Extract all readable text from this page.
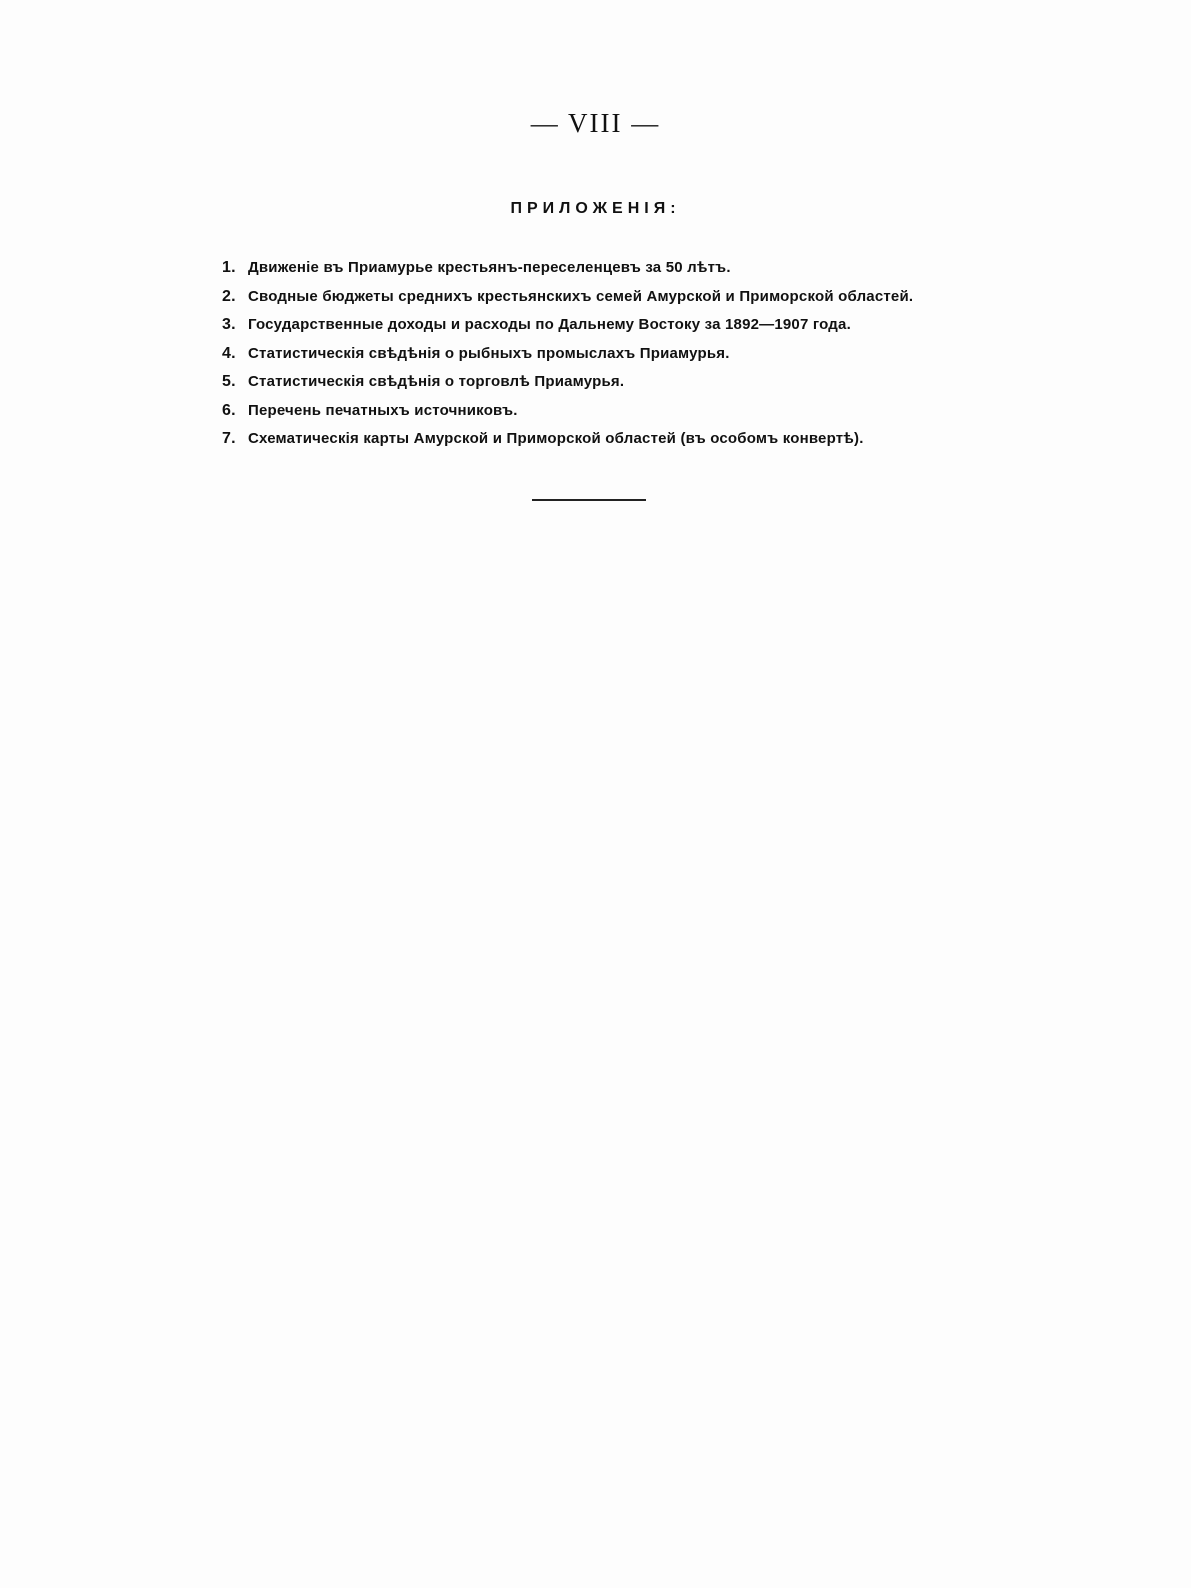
— VIII —
ПРИЛОЖЕНІЯ:
1. Движеніе въ Приамурье крестьянъ-переселенцевъ за 50 лѣтъ.
2. Сводные бюджеты среднихъ крестьянскихъ семей Амурской и Приморской областей.
3. Государственные доходы и расходы по Дальнему Востоку за 1892—1907 года.
4. Статистическія свѣдѣнія о рыбныхъ промыслахъ Приамурья.
5. Статистическія свѣдѣнія о торговлѣ Приамурья.
6. Перечень печатныхъ источниковъ.
7. Схематическія карты Амурской и Приморской областей (въ особомъ конвертѣ).
